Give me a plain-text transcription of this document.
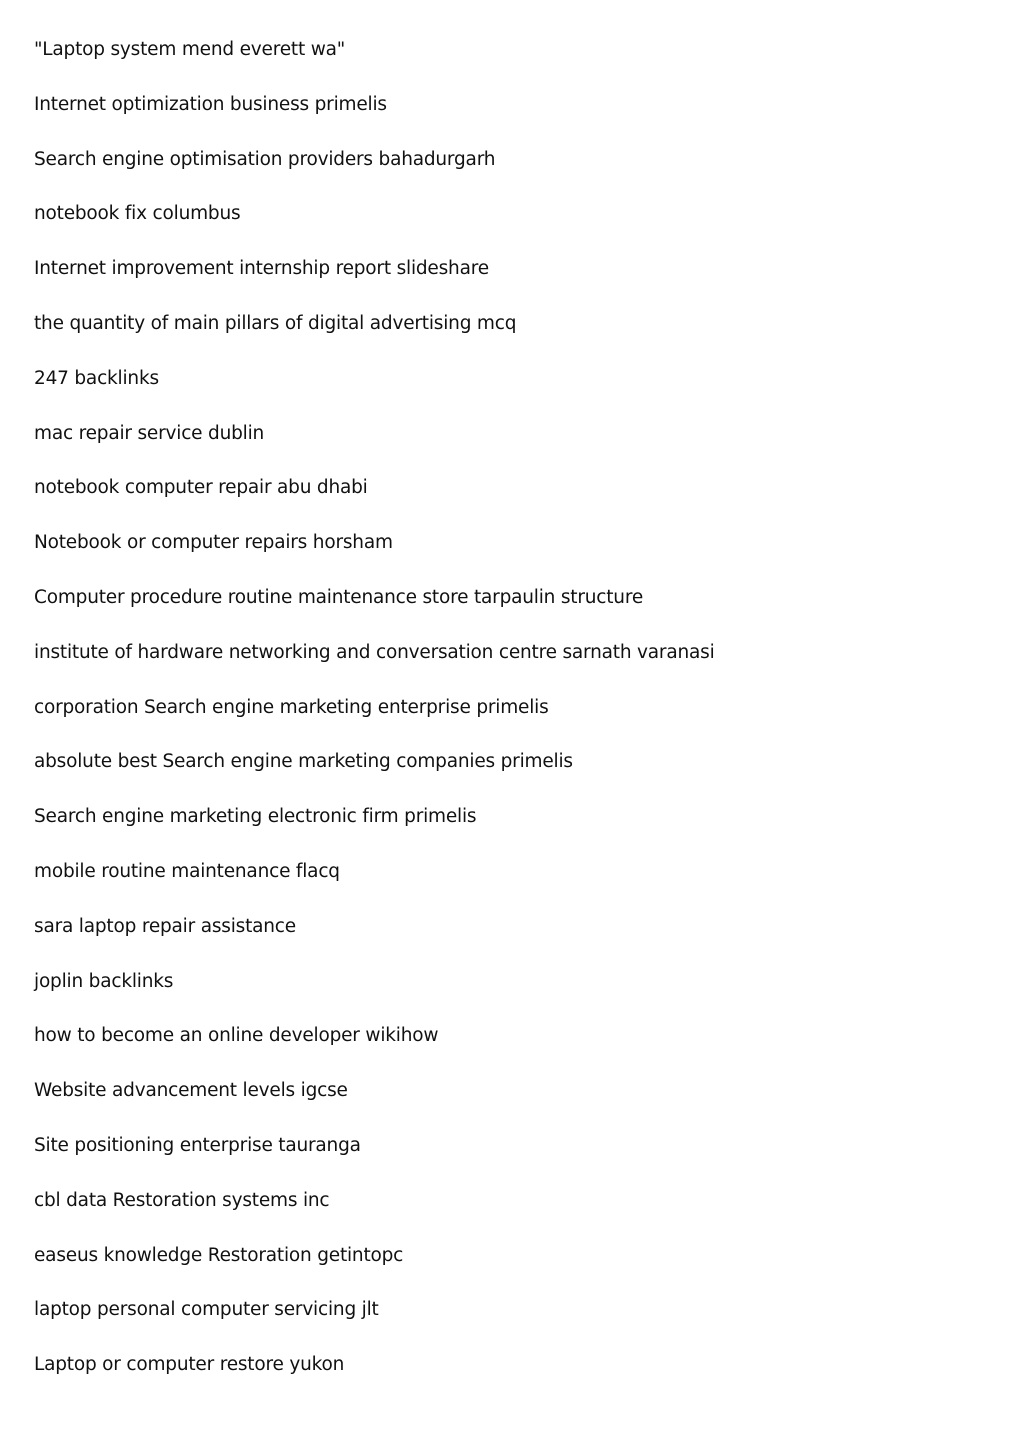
"Laptop system mend everett wa"
Internet optimization business primelis
Search engine optimisation providers bahadurgarh
notebook fix columbus
Internet improvement internship report slideshare
the quantity of main pillars of digital advertising mcq
247 backlinks
mac repair service dublin
notebook computer repair abu dhabi
Notebook or computer repairs horsham
Computer procedure routine maintenance store tarpaulin structure
institute of hardware networking and conversation centre sarnath varanasi
corporation Search engine marketing enterprise primelis
absolute best Search engine marketing companies primelis
Search engine marketing electronic firm primelis
mobile routine maintenance flacq
sara laptop repair assistance
joplin backlinks
how to become an online developer wikihow
Website advancement levels igcse
Site positioning enterprise tauranga
cbl data Restoration systems inc
easeus knowledge Restoration getintopc
laptop personal computer servicing jlt
Laptop or computer restore yukon
